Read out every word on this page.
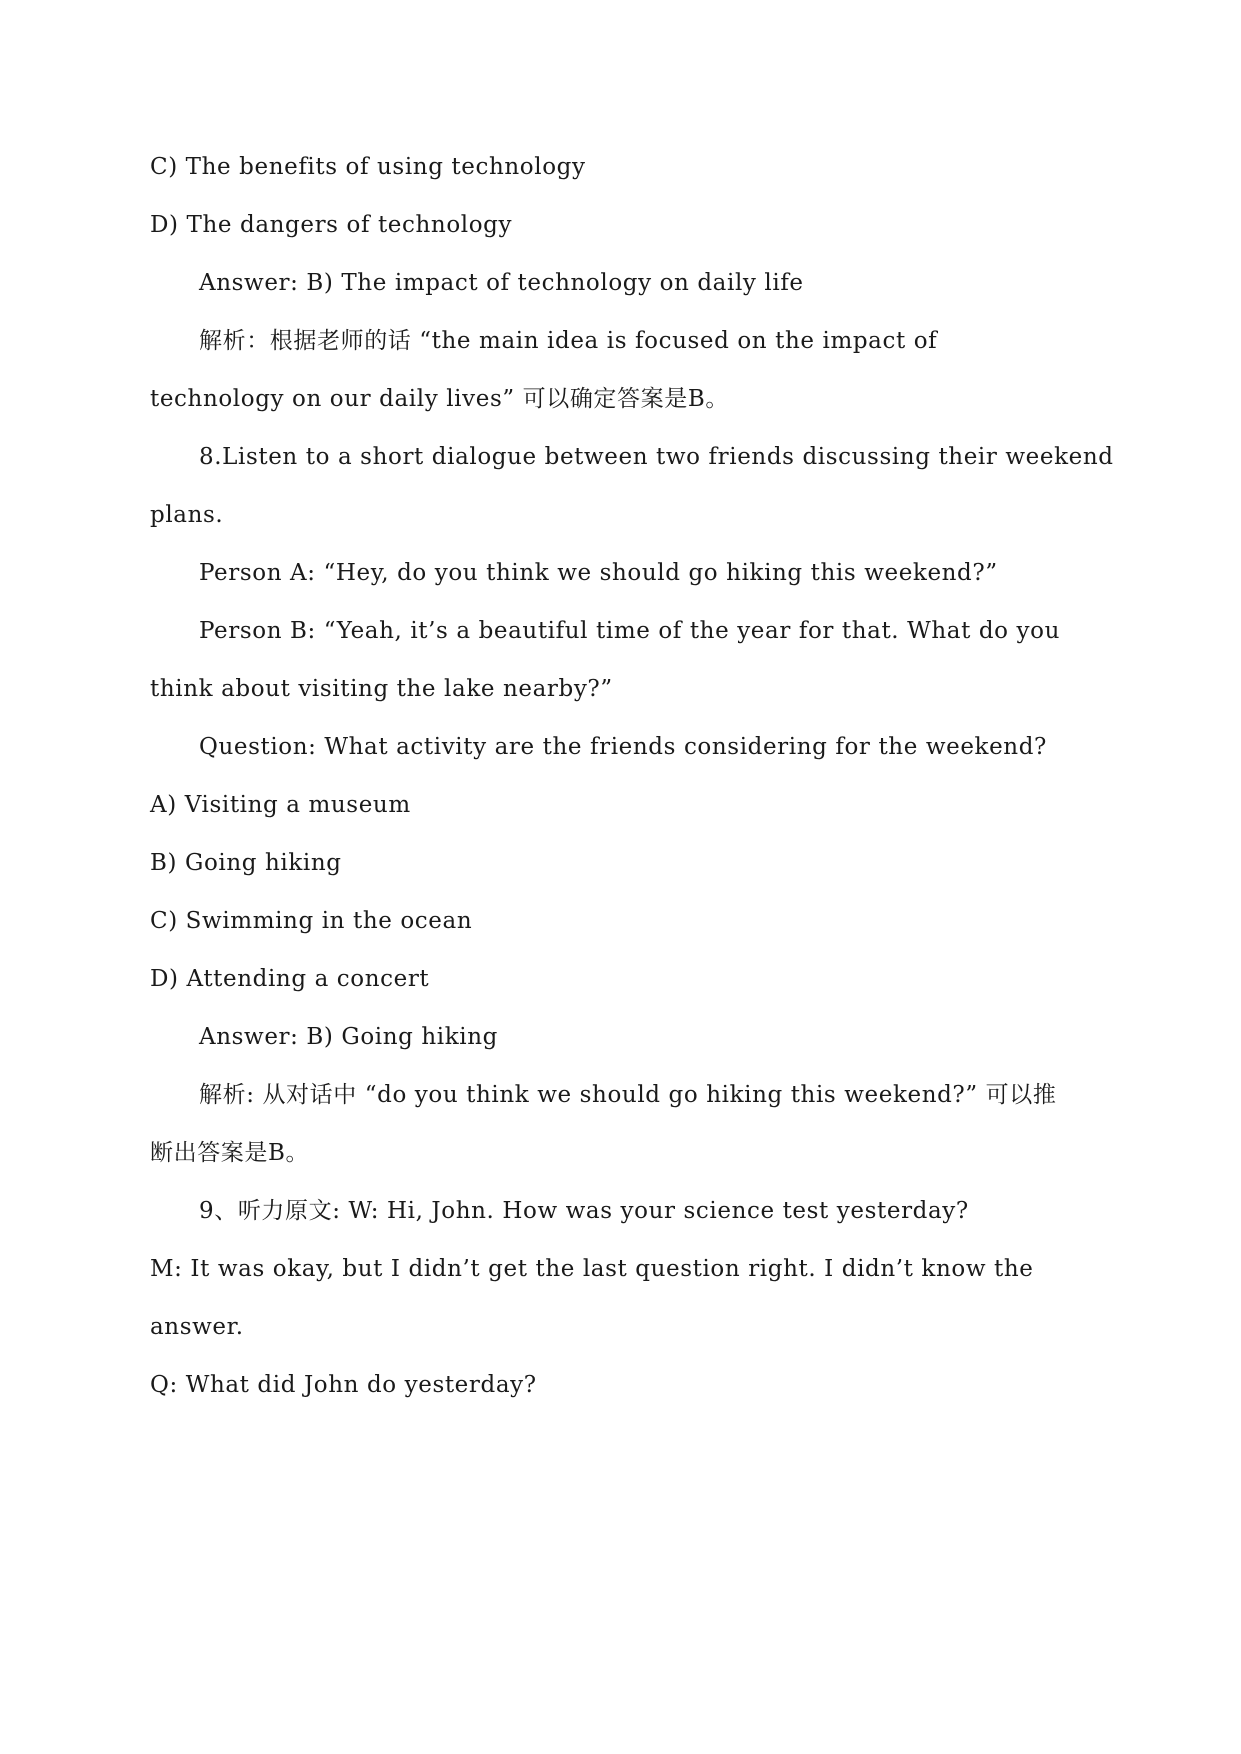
C) The benefits of using technology
D) The dangers of technology
Answer: B) The impact of technology on daily life
解析：根据老师的话 “the main idea is focused on the impact of
technology on our daily lives” 可以确定答案是B。
8.Listen to a short dialogue between two friends discussing their weekend
plans.
Person A: “Hey, do you think we should go hiking this weekend?”
Person B: “Yeah, it’s a beautiful time of the year for that. What do you
think about visiting the lake nearby?”
Question: What activity are the friends considering for the weekend?
A) Visiting a museum
B) Going hiking
C) Swimming in the ocean
D) Attending a concert
Answer: B) Going hiking
解析: 从对话中 “do you think we should go hiking this weekend?” 可以推
断出答案是B。
9、听力原文: W: Hi, John. How was your science test yesterday?
M: It was okay, but I didn’t get the last question right. I didn’t know the
answer.
Q: What did John do yesterday?
